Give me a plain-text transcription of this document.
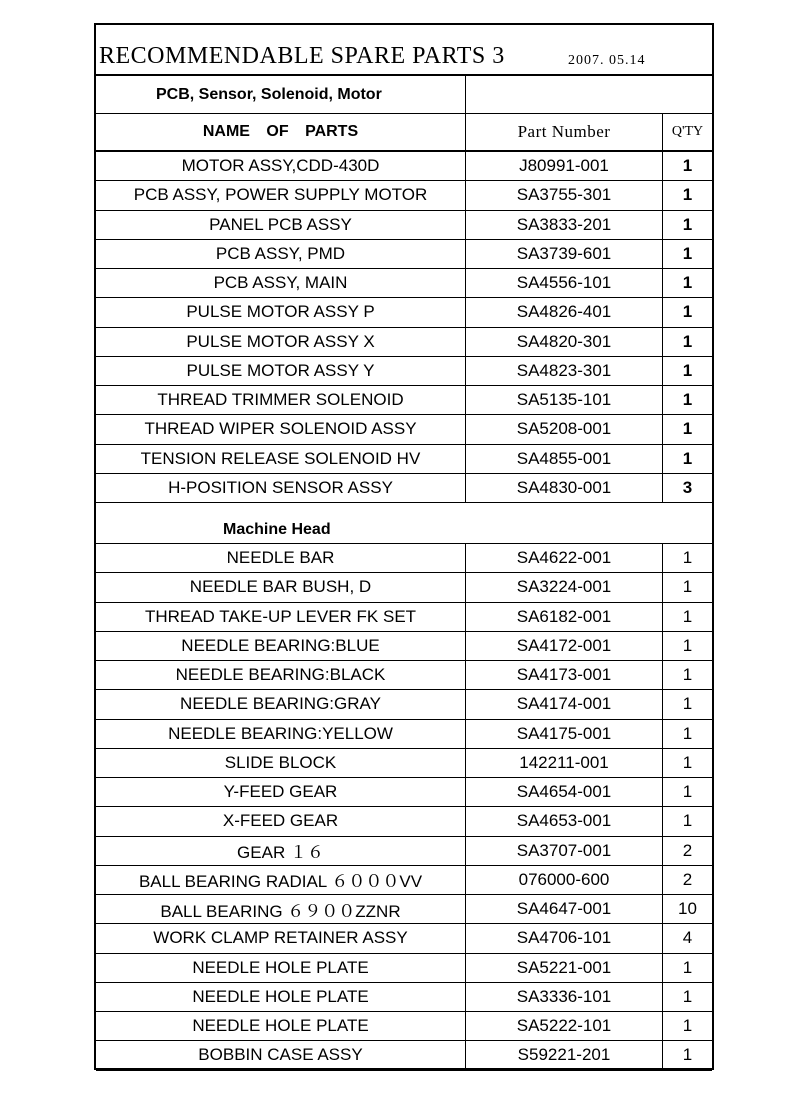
RECOMMENDABLE SPARE PARTS 3	2007. 05.14
PCB, Sensor, Solenoid, Motor
NAME OF PARTS	Part Number	Q'TY
MOTOR ASSY,CDD-430D	J80991-001	1
PCB ASSY, POWER SUPPLY MOTOR	SA3755-301	1
PANEL PCB ASSY	SA3833-201	1
PCB ASSY, PMD	SA3739-601	1
PCB ASSY, MAIN	SA4556-101	1
PULSE MOTOR ASSY P	SA4826-401	1
PULSE MOTOR ASSY X	SA4820-301	1
PULSE MOTOR ASSY Y	SA4823-301	1
THREAD TRIMMER SOLENOID	SA5135-101	1
THREAD WIPER SOLENOID ASSY	SA5208-001	1
TENSION RELEASE SOLENOID HV	SA4855-001	1
H-POSITION SENSOR ASSY	SA4830-001	3
Machine Head
NEEDLE BAR	SA4622-001	1
NEEDLE BAR BUSH, D	SA3224-001	1
THREAD TAKE-UP LEVER FK SET	SA6182-001	1
NEEDLE BEARING:BLUE	SA4172-001	1
NEEDLE BEARING:BLACK	SA4173-001	1
NEEDLE BEARING:GRAY	SA4174-001	1
NEEDLE BEARING:YELLOW	SA4175-001	1
SLIDE BLOCK	142211-001	1
Y-FEED GEAR	SA4654-001	1
X-FEED GEAR	SA4653-001	1
GEAR １６	SA3707-001	2
BALL BEARING RADIAL ６０００VV	076000-600	2
BALL BEARING ６９００ZZNR	SA4647-001	10
WORK CLAMP RETAINER ASSY	SA4706-101	4
NEEDLE HOLE PLATE	SA5221-001	1
NEEDLE HOLE PLATE	SA3336-101	1
NEEDLE HOLE PLATE	SA5222-101	1
BOBBIN CASE ASSY	S59221-201	1
